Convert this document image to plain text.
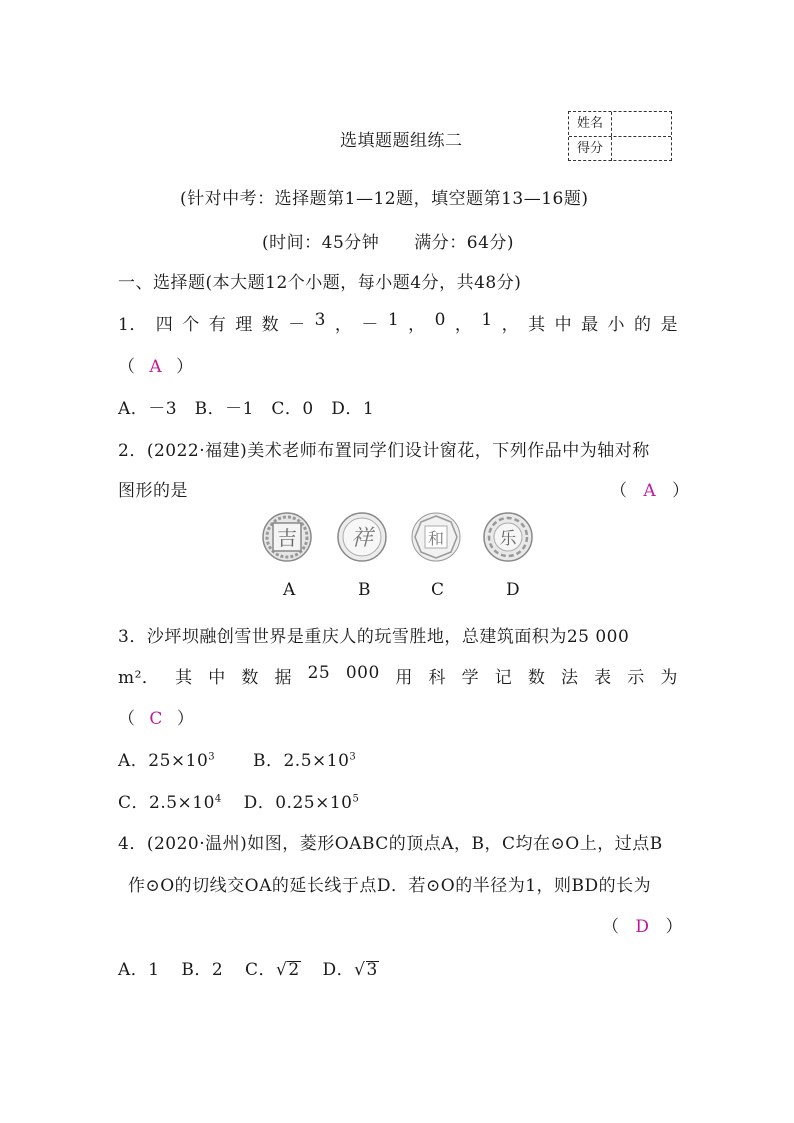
选填题题组练二
姓名
得分
(针对中考：选择题第1—12题，填空题第13—16题)
(时间：45分钟　　满分：64分)
一、选择题(本大题12个小题，每小题4分，共48分)
1． 四 个 有 理 数 － 3 ， － 1 ， 0 ， 1 ， 其 中 最 小 的 是
（ A ）
A．－3　B．－1　C．0　D．1
2．(2022·福建)美术老师布置同学们设计窗花，下列作品中为轴对称
图形的是	（ A ）
吉 祥	和	乐
A	B	C	D
3．沙坪坝融创雪世界是重庆人的玩雪胜地，总建筑面积为25 000
m²． 其 中 数 据 25 000 用 科 学 记 数 法 表 示 为
（ C ）
A．$25\times 10^3$ B．$2.5\times 10^3$
C．$2.5\times 10^4$ D．$0.25\times 10^5$
4．(2020·温州)如图，菱形OABC的顶点A，B，C均在⊙O上，过点B
作⊙O的切线交OA的延长线于点D．若⊙O的半径为1，则BD的长为
（ D ）
A．1 B．2 C．√2 D．√3
